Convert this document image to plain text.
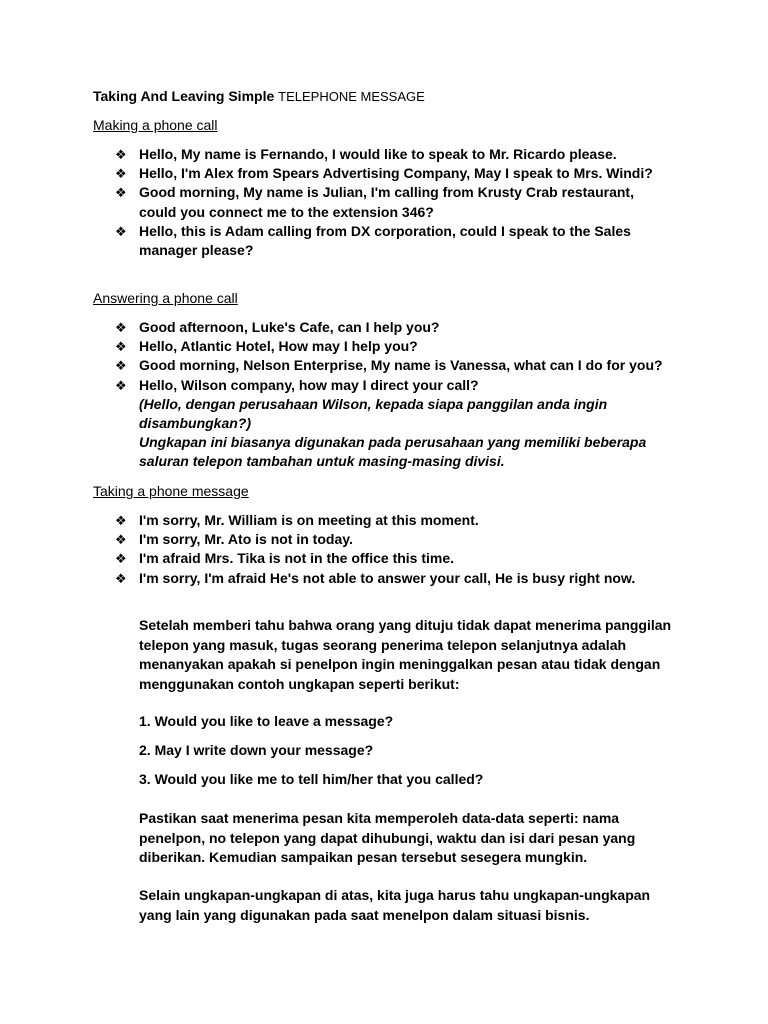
Taking And Leaving Simple TELEPHONE MESSAGE
Making a phone call
❖ Hello, My name is Fernando, I would like to speak to Mr. Ricardo please.
❖ Hello, I'm Alex from Spears Advertising Company, May I speak to Mrs. Windi?
❖ Good morning, My name is Julian, I'm calling from Krusty Crab restaurant, could you connect me to the extension 346?
❖ Hello, this is Adam calling from DX corporation, could I speak to the Sales manager please?
Answering a phone call
❖ Good afternoon, Luke's Cafe, can I help you?
❖ Hello, Atlantic Hotel, How may I help you?
❖ Good morning, Nelson Enterprise, My name is Vanessa, what can I do for you?
❖ Hello, Wilson company, how may I direct your call?
(Hello, dengan perusahaan Wilson, kepada siapa panggilan anda ingin disambungkan?)
Ungkapan ini biasanya digunakan pada perusahaan yang memiliki beberapa saluran telepon tambahan untuk masing-masing divisi.
Taking a phone message
❖ I'm sorry, Mr. William is on meeting at this moment.
❖ I'm sorry, Mr. Ato is not in today.
❖ I'm afraid Mrs. Tika is not in the office this time.
❖ I'm sorry, I'm afraid He's not able to answer your call, He is busy right now.
Setelah memberi tahu bahwa orang yang dituju tidak dapat menerima panggilan telepon yang masuk, tugas seorang penerima telepon selanjutnya adalah menanyakan apakah si penelpon ingin meninggalkan pesan atau tidak dengan menggunakan contoh ungkapan seperti berikut:
1. Would you like to leave a message?
2. May I write down your message?
3. Would you like me to tell him/her that you called?
Pastikan saat menerima pesan kita memperoleh data-data seperti: nama penelpon, no telepon yang dapat dihubungi, waktu dan isi dari pesan yang diberikan. Kemudian sampaikan pesan tersebut sesegera mungkin.
Selain ungkapan-ungkapan di atas, kita juga harus tahu ungkapan-ungkapan yang lain yang digunakan pada saat menelpon dalam situasi bisnis.
